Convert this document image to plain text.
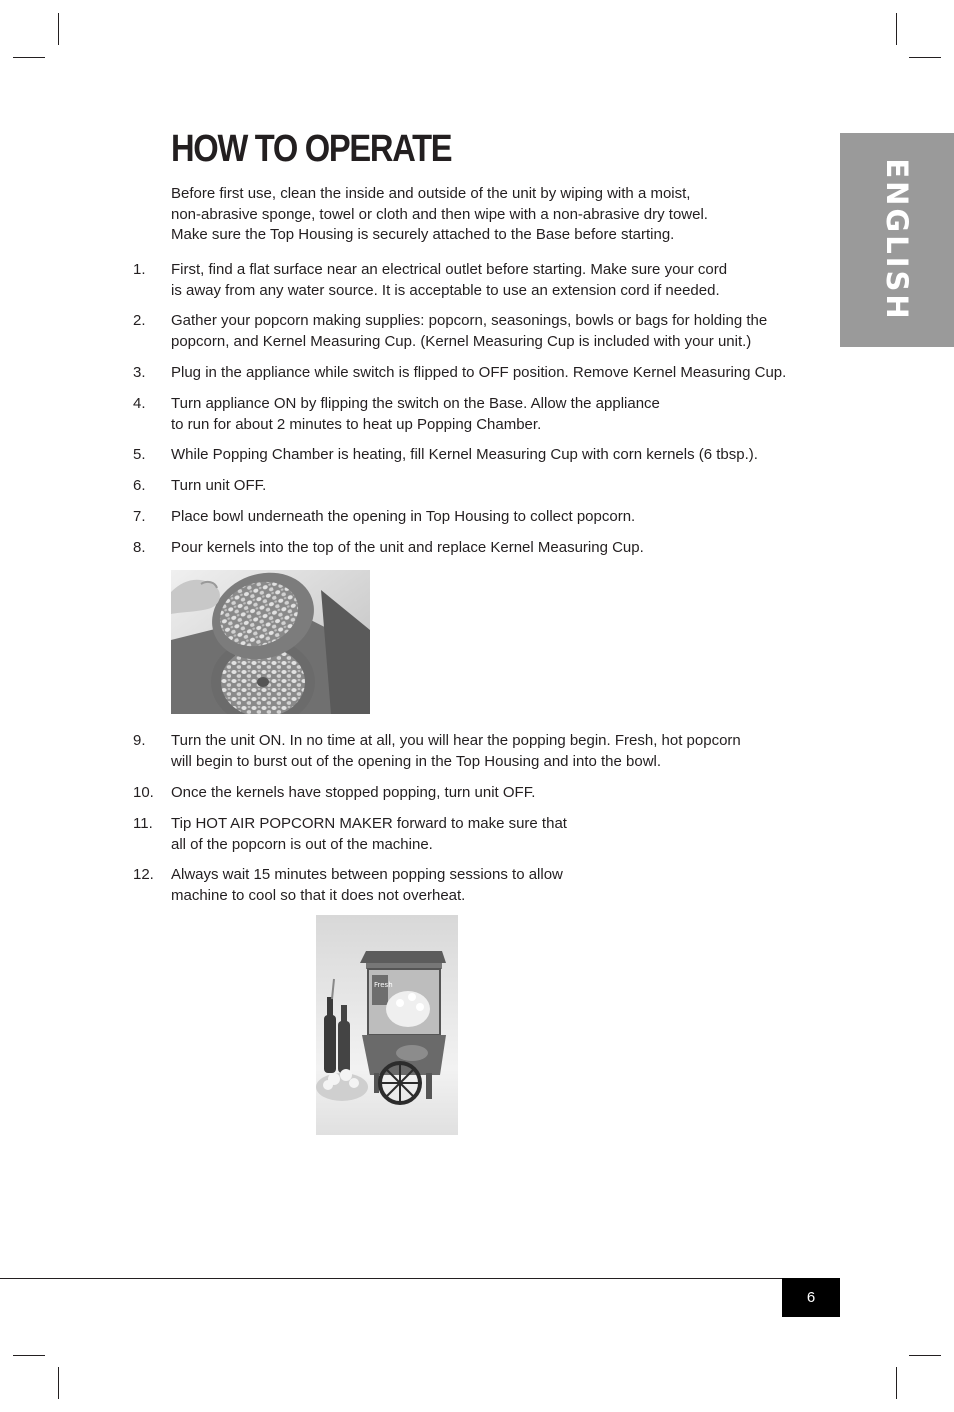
ENGLISH
HOW TO OPERATE
Before first use, clean the inside and outside of the unit by wiping with a moist,
non-abrasive sponge, towel or cloth and then wipe with a non-abrasive dry towel.
Make sure the Top Housing is securely attached to the Base before starting.
1. First, find a flat surface near an electrical outlet before starting. Make sure your cord
is away from any water source. It is acceptable to use an extension cord if needed.
2. Gather your popcorn making supplies: popcorn, seasonings, bowls or bags for holding the
popcorn, and Kernel Measuring Cup. (Kernel Measuring Cup is included with your unit.)
3. Plug in the appliance while switch is flipped to OFF position. Remove Kernel Measuring Cup.
4. Turn appliance ON by flipping the switch on the Base. Allow the appliance
to run for about 2 minutes to heat up Popping Chamber.
5. While Popping Chamber is heating, fill Kernel Measuring Cup with corn kernels (6 tbsp.).
6. Turn unit OFF.
7. Place bowl underneath the opening in Top Housing to collect popcorn.
8. Pour kernels into the top of the unit and replace Kernel Measuring Cup.
9. Turn the unit ON. In no time at all, you will hear the popping begin. Fresh, hot popcorn
will begin to burst out of the opening in the Top Housing and into the bowl.
10. Once the kernels have stopped popping, turn unit OFF.
11. Tip HOT AIR POPCORN MAKER forward to make sure that
all of the popcorn is out of the machine.
12. Always wait 15 minutes between popping sessions to allow
machine to cool so that it does not overheat.
Fresh
6
